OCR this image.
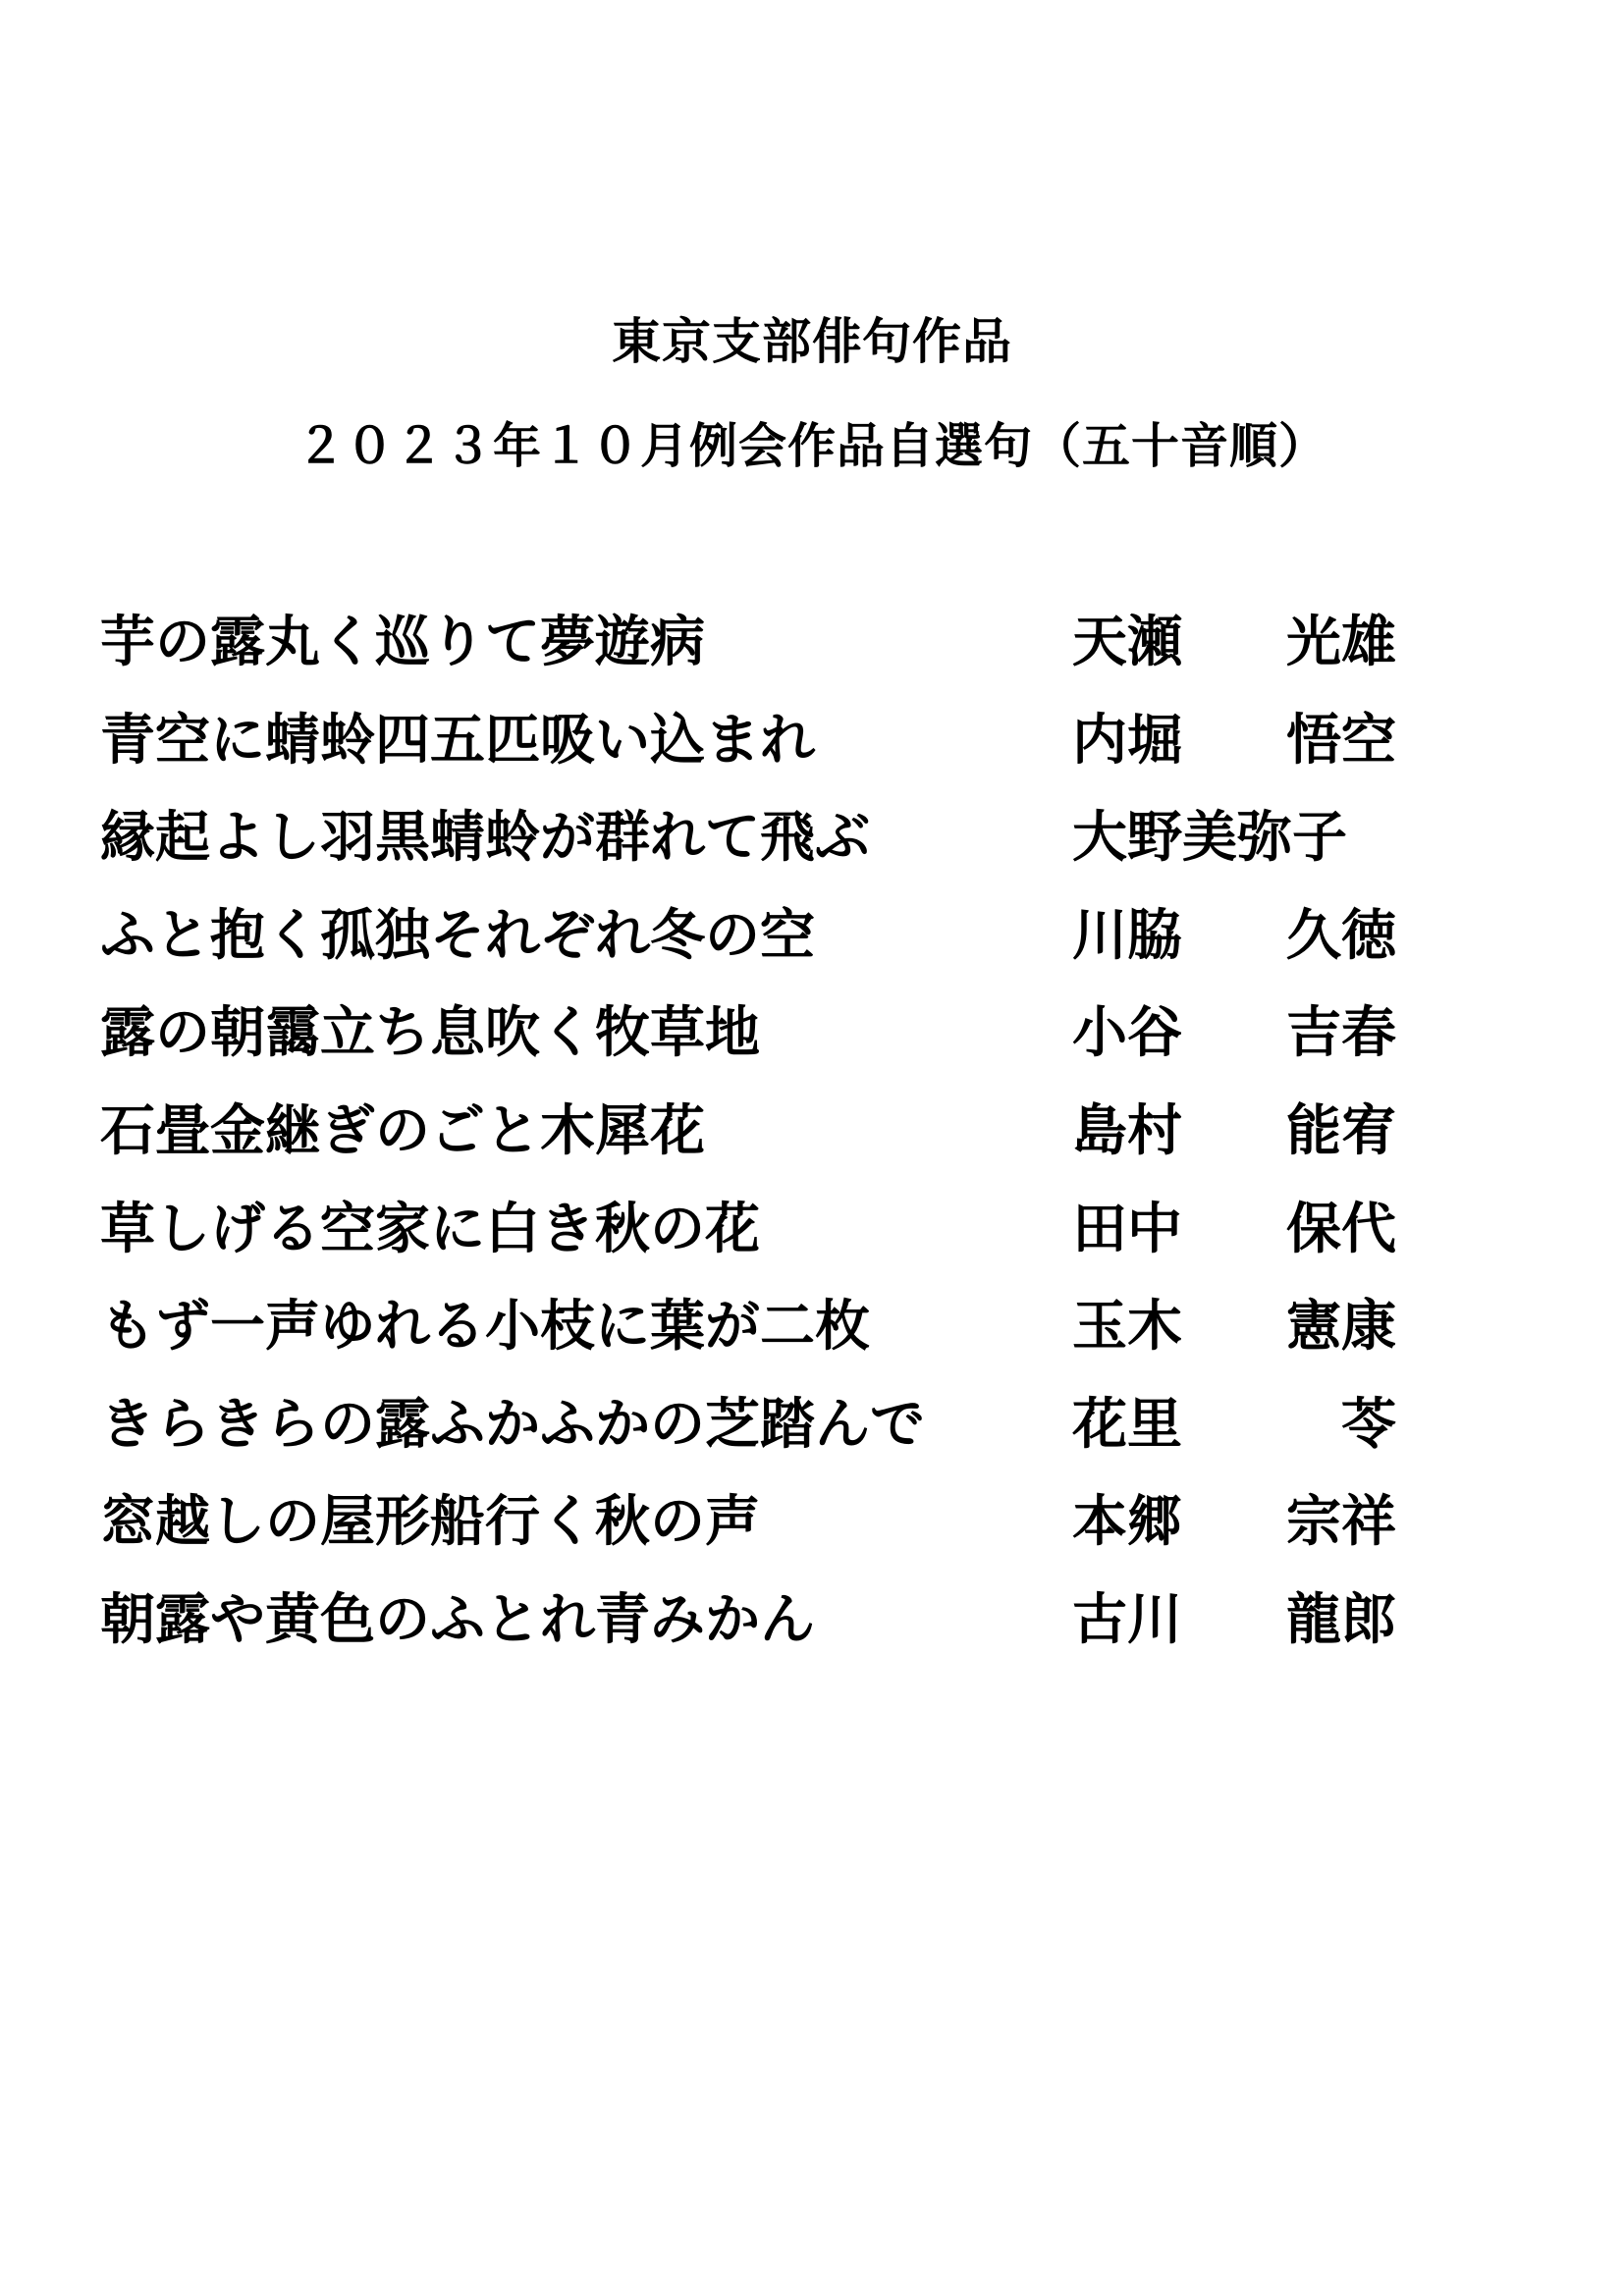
東京支部俳句作品
２０２３年１０月例会作品自選句（五十音順）
芋の露丸く巡りて夢遊病	天瀬 光雄
青空に蜻蛉四五匹吸い込まれ	内堀 悟空
縁起よし羽黒蜻蛉が群れて飛ぶ	大野美弥子
ふと抱く孤独それぞれ冬の空	川脇 久徳
露の朝靄立ち息吹く牧草地	小谷 吉春
石畳金継ぎのごと木犀花	島村 能宥
草しげる空家に白き秋の花	田中 保代
もず一声ゆれる小枝に葉が二枚	玉木 憲康
きらきらの露ふかふかの芝踏んで	花里	苓
窓越しの屋形船行く秋の声	本郷 宗祥
朝露や黄色のふとれ青みかん	古川 龍郎
